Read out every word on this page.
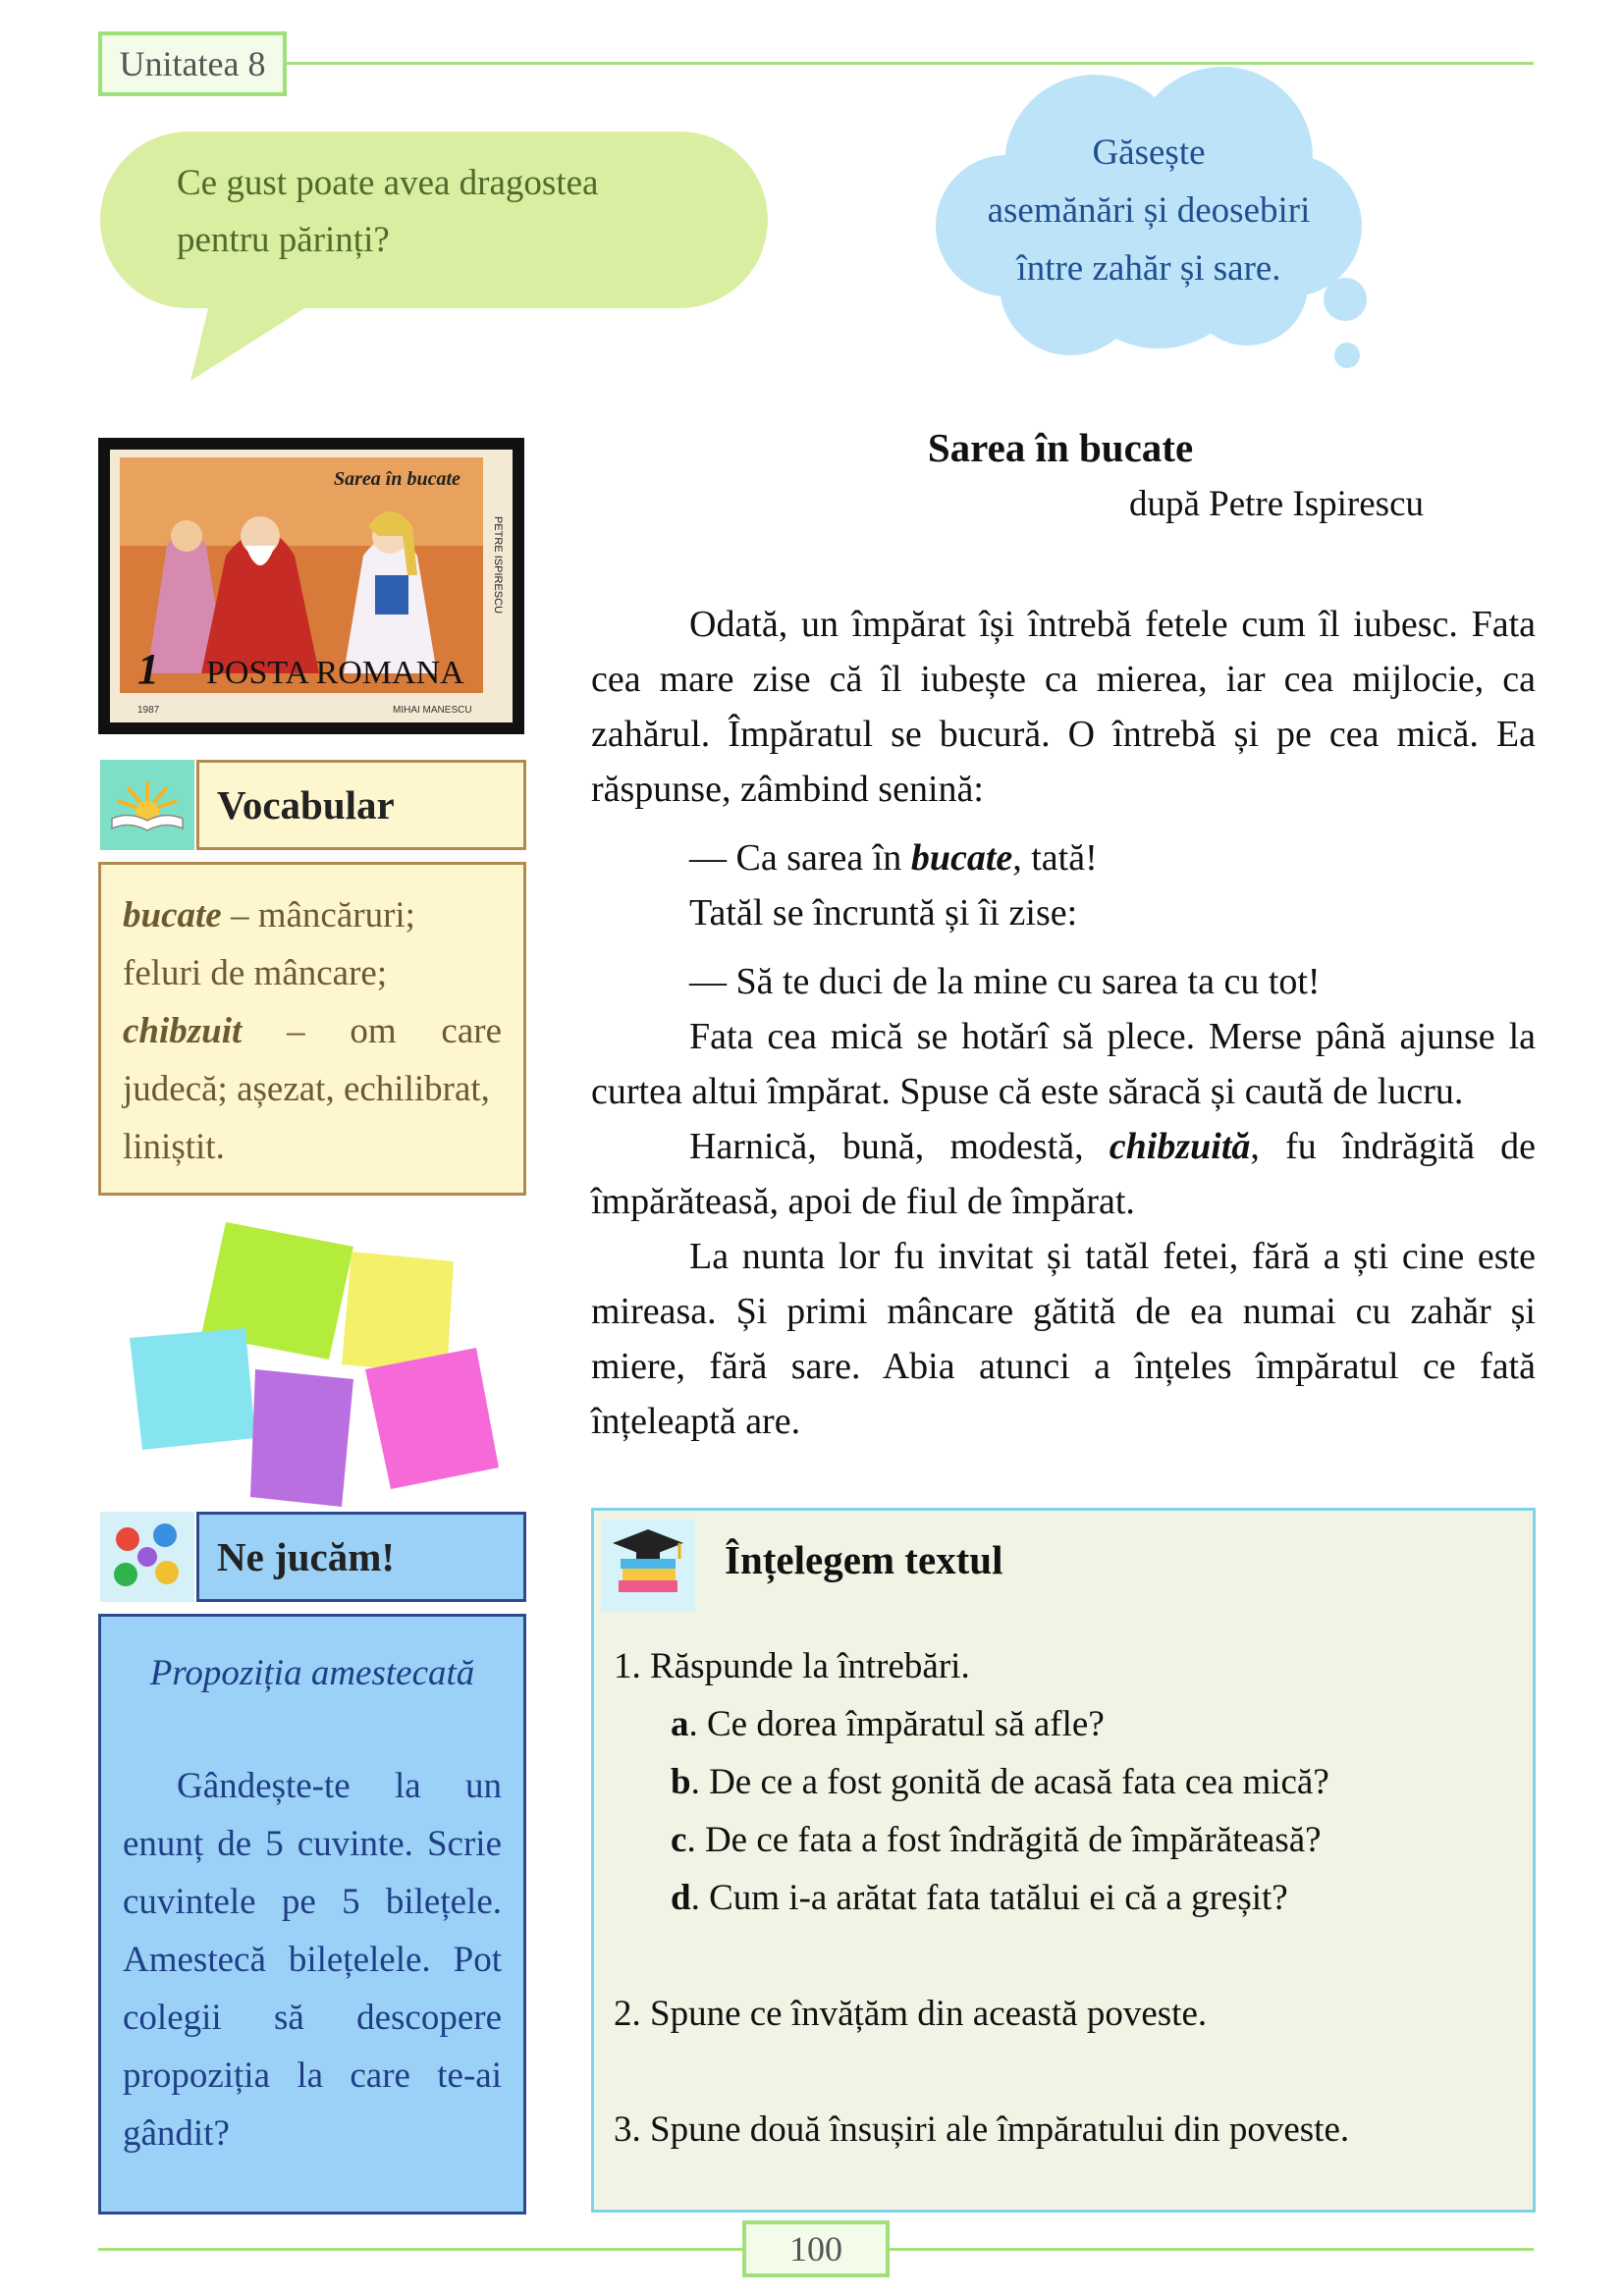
Unitatea 8
Ce gust poate avea dragostea
pentru părinți?
Găsește
asemănări și deosebiri
între zahăr și sare.
Sarea în bucate
1 POSTA ROMANA
PETRE ISPIRESCU
1987	MIHAI MANESCU
Vocabular
bucate – mâncăruri;
feluri de mâncare;
chibzuit – om care
judecă; așezat, echilibrat,
liniștit.
Ne jucăm!
Propoziția amestecată

Gândește-te la un enunț de 5 cuvinte. Scrie cuvintele pe 5 bilețele. Amestecă bilețelele. Pot colegii să descopere propoziția la care te-ai gândit?

Sarea în bucate
după Petre Ispirescu

Odată, un împărat își întrebă fetele cum îl iubesc. Fata cea mare zise că îl iubește ca mierea, iar cea mijlocie, ca zahărul. Împăratul se bucură. O întrebă și pe cea mică. Ea răspunse, zâmbind senină:

— Ca sarea în bucate, tată!

Tatăl se încruntă și îi zise:

— Să te duci de la mine cu sarea ta cu tot!

Fata cea mică se hotărî să plece. Merse până ajunse la curtea altui împărat. Spuse că este săracă și caută de lucru.

Harnică, bună, modestă, chibzuită, fu îndrăgită de împărăteasă, apoi de fiul de împărat.

La nunta lor fu invitat și tatăl fetei, fără a ști cine este mireasa. Și primi mâncare gătită de ea numai cu zahăr și miere, fără sare. Abia atunci a înțeles împăratul ce fată înțeleaptă are.

Înțelegem textul
1. Răspunde la întrebări.
a. Ce dorea împăratul să afle?
b. De ce a fost gonită de acasă fata cea mică?
c. De ce fata a fost îndrăgită de împărăteasă?
d. Cum i-a arătat fata tatălui ei că a greșit?
2. Spune ce învățăm din această poveste.
3. Spune două însușiri ale împăratului din poveste.
100
